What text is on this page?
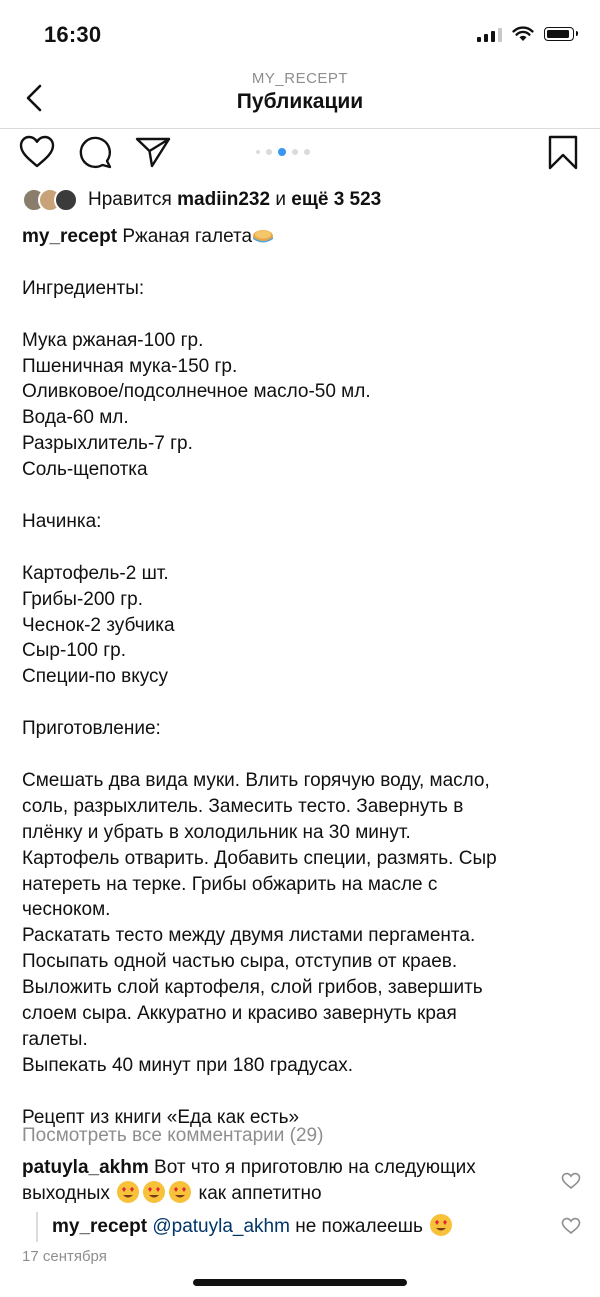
16:30
MY_RECEPT
Публикации
Нравится madiin232 и ещё 3 523
my_recept Ржаная галета
Ингредиенты:
Мука ржаная-100 гр.
Пшеничная мука-150 гр.
Оливковое/подсолнечное масло-50 мл.
Вода-60 мл.
Разрыхлитель-7 гр.
Соль-щепотка
Начинка:
Картофель-2 шт.
Грибы-200 гр.
Чеснок-2 зубчика
Сыр-100 гр.
Специи-по вкусу
Приготовление:
Смешать два вида муки. Влить горячую воду, масло,
соль, разрыхлитель. Замесить тесто. Завернуть в
плёнку и убрать в холодильник на 30 минут.
Картофель отварить. Добавить специи, размять. Сыр
натереть на терке. Грибы обжарить на масле с
чесноком.
Раскатать тесто между двумя листами пергамента.
Посыпать одной частью сыра, отступив от краев.
Выложить слой картофеля, слой грибов, завершить
слоем сыра. Аккуратно и красиво завернуть края
галеты.
Выпекать 40 минут при 180 градусах.
Рецепт из книги «Еда как есть»
Посмотреть все комментарии (29)
patuyla_akhm Вот что я приготовлю на следующих
выходных	как аппетитно
my_recept @patuyla_akhm не пожалеешь
17 сентября
